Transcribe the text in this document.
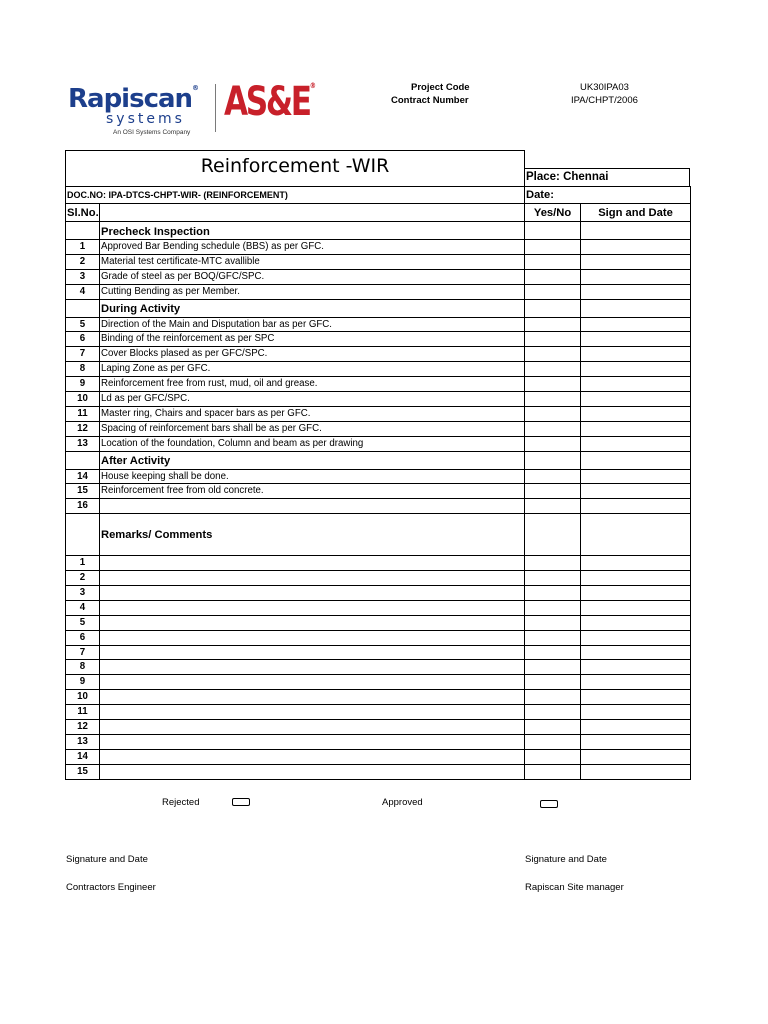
Rapiscan®
systems
An OSI Systems Company
AS&E®	Project Code	UK30IPA03
Contract Number	IPA/CHPT/2006
Reinforcement -WIR	Place: Chennai
DOC.NO: IPA-DTCS-CHPT-WIR- (REINFORCEMENT)		Date:	
Sl.No.		Yes/No	Sign and Date
	Precheck Inspection		
1	Approved Bar Bending schedule (BBS) as per GFC.		
2	Material test certificate-MTC avallible		
3	Grade of steel as per BOQ/GFC/SPC.		
4	Cutting Bending as per Member.		
	During Activity		
5	Direction of the Main and Disputation bar as per GFC.		
6	Binding of the reinforcement as per SPC		
7	Cover Blocks plased as per GFC/SPC.		
8	Laping Zone as per GFC.		
9	Reinforcement free from rust, mud, oil and grease.		
10	Ld as per GFC/SPC.		
11	Master ring, Chairs and spacer bars as per GFC.		
12	Spacing of reinforcement bars shall be as per GFC.		
13	Location of the foundation, Column and beam as per drawing		
	After Activity		
14	House keeping shall be done.		
15	Reinforcement free from old concrete.		
16			
	Remarks/ Comments		
1			
2			
3			
4			
5			
6			
7			
8			
9			
10			
11			
12			
13			
14			
15			
Rejected	Approved
Signature and Date	Signature and Date
Contractors Engineer	Rapiscan Site manager
